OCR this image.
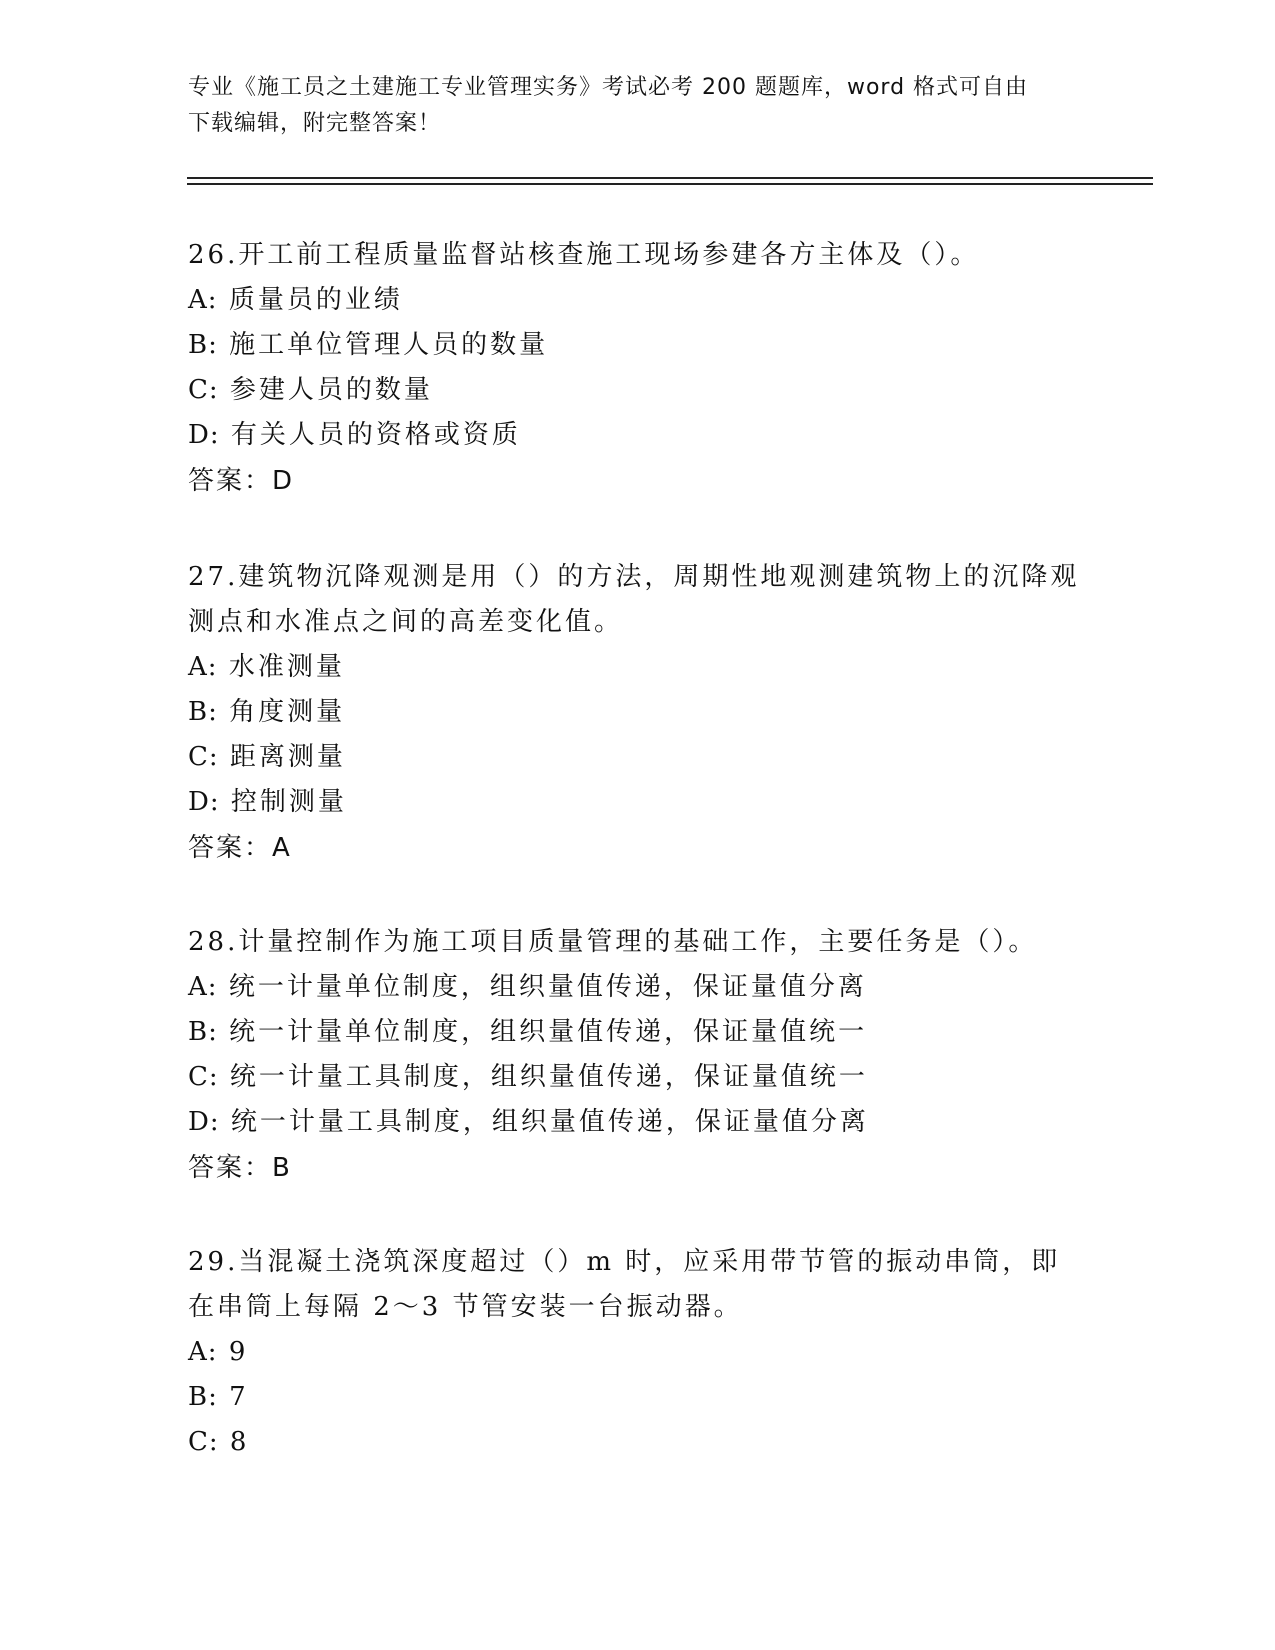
专业《施工员之土建施工专业管理实务》考试必考 200 题题库，word 格式可自由
下载编辑，附完整答案！
26.开工前工程质量监督站核查施工现场参建各方主体及（）。
A: 质量员的业绩
B: 施工单位管理人员的数量
C: 参建人员的数量
D: 有关人员的资格或资质
答案：D
27.建筑物沉降观测是用（）的方法，周期性地观测建筑物上的沉降观测点和水准点之间的高差变化值。
A: 水准测量
B: 角度测量
C: 距离测量
D: 控制测量
答案：A
28.计量控制作为施工项目质量管理的基础工作，主要任务是（）。
A: 统一计量单位制度，组织量值传递，保证量值分离
B: 统一计量单位制度，组织量值传递，保证量值统一
C: 统一计量工具制度，组织量值传递，保证量值统一
D: 统一计量工具制度，组织量值传递，保证量值分离
答案：B
29.当混凝土浇筑深度超过（）m 时，应采用带节管的振动串筒，即在串筒上每隔 2～3 节管安装一台振动器。
A: 9
B: 7
C: 8
